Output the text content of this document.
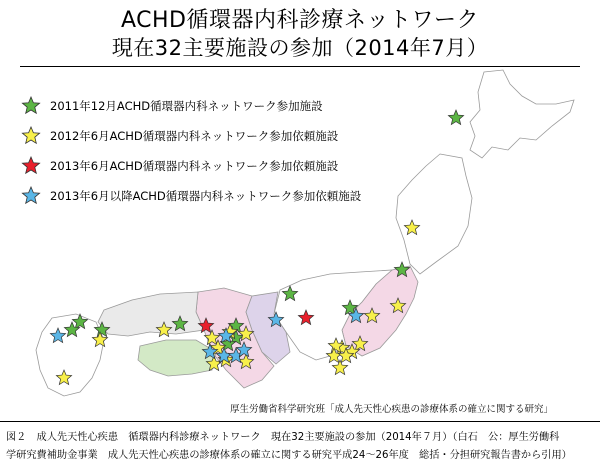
ACHD循環器内科診療ネットワーク
現在32主要施設の参加（2014年7月）
2011年12月ACHD循環器内科ネットワーク参加施設
2012年6月ACHD循環器内科ネットワーク参加依頼施設
2013年6月ACHD循環器内科ネットワーク参加依頼施設
2013年6月以降ACHD循環器内科ネットワーク参加依頼施設
厚生労働省科学研究班「成人先天性心疾患の診療体系の確立に関する研究」
図２　成人先天性心疾患　循環器内科診療ネットワーク　現在32主要施設の参加（2014年７月）（白石　公：厚生労働科
学研究費補助金事業　成人先天性心疾患の診療体系の確立に関する研究平成24～26年度　総括・分担研究報告書から引用）
